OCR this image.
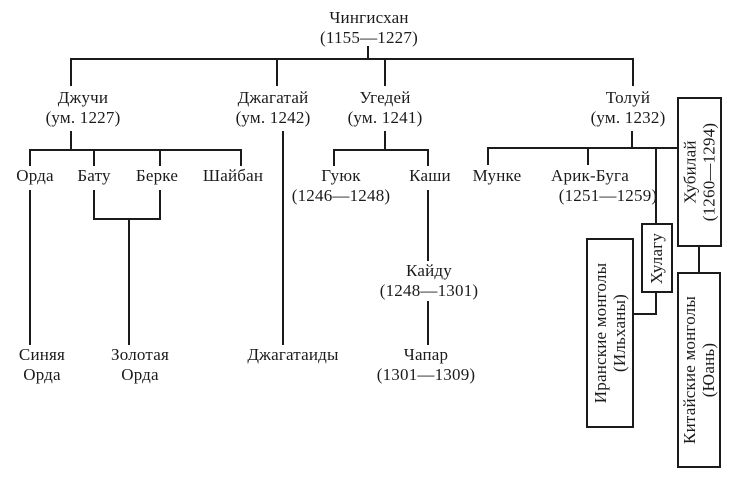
Чингисхан
(1155—1227)
Джучи
(ум. 1227)
Джагатай
(ум. 1242)
Угедей
(ум. 1241)
Толуй
(ум. 1232)
Орда Бату Берке Шайбан	Гуюк
(1246—1248)
Каши Мунке	Арик-Буга
(1251—1259)
Кайду
(1248—1301)
Синяя
Орда
Золотая
Орда
Джагатаиды	Чапар
(1301—1309)
Хубилай (1260—1294)
Хулагу
Иранские монголы (Ильханы)	Китайские монголы (Юань)
